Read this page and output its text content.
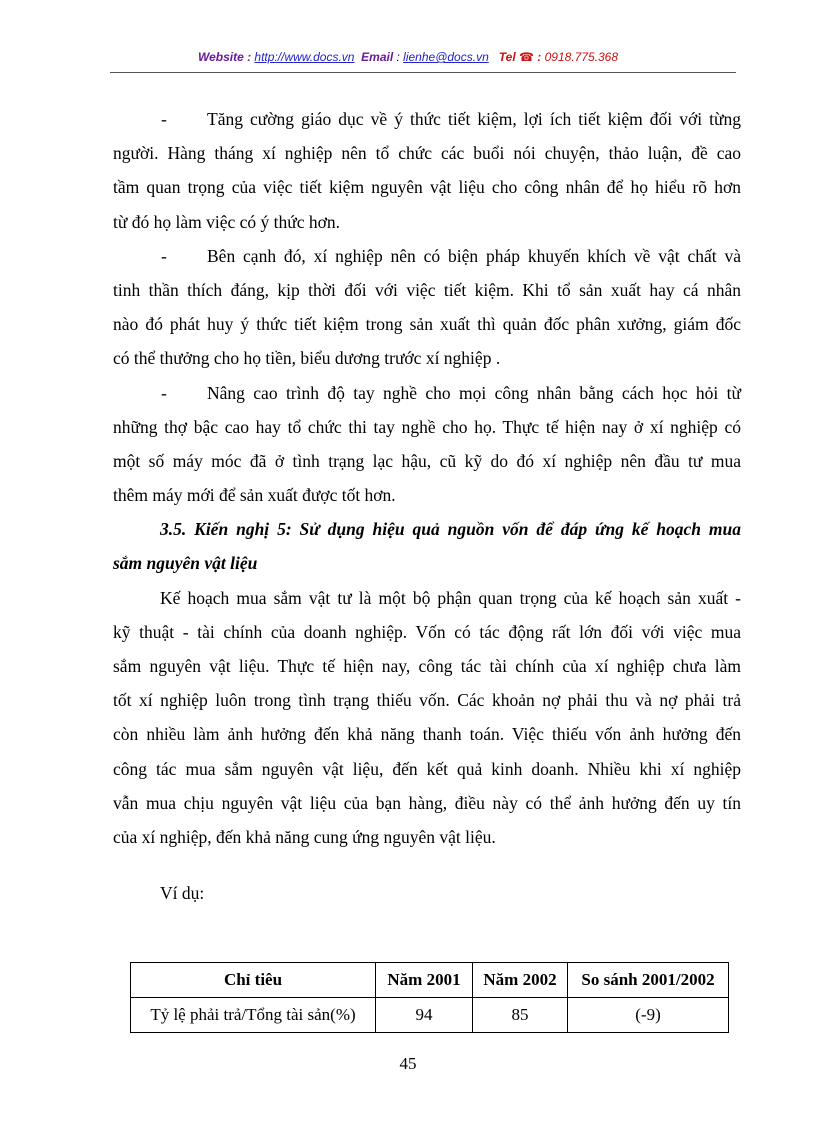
Website : http://www.docs.vn Email : lienhe@docs.vn Tel ☎ : 0918.775.368
- Tăng cường giáo dục về ý thức tiết kiệm, lợi ích tiết kiệm đối với từng
người. Hàng tháng xí nghiệp nên tổ chức các buổi nói chuyện, thảo luận, đề cao
tầm quan trọng của việc tiết kiệm nguyên vật liệu cho công nhân để họ hiểu rõ hơn
từ đó họ làm việc có ý thức hơn.
- Bên cạnh đó, xí nghiệp nên có biện pháp khuyến khích về vật chất và
tinh thần thích đáng, kịp thời đối với việc tiết kiệm. Khi tổ sản xuất hay cá nhân
nào đó phát huy ý thức tiết kiệm trong sản xuất thì quản đốc phân xưởng, giám đốc
có thể thưởng cho họ tiền, biểu dương trước xí nghiệp .
- Nâng cao trình độ tay nghề cho mọi công nhân bằng cách học hỏi từ
những thợ bậc cao hay tổ chức thi tay nghề cho họ. Thực tế hiện nay ở xí nghiệp có
một số máy móc đã ở tình trạng lạc hậu, cũ kỹ do đó xí nghiệp nên đầu tư mua
thêm máy mới để sản xuất được tốt hơn.
3.5. Kiến nghị 5: Sử dụng hiệu quả nguồn vốn để đáp ứng kế hoạch mua
sắm nguyên vật liệu
Kế hoạch mua sắm vật tư là một bộ phận quan trọng của kế hoạch sản xuất -
kỹ thuật - tài chính của doanh nghiệp. Vốn có tác động rất lớn đối với việc mua
sắm nguyên vật liệu. Thực tế hiện nay, công tác tài chính của xí nghiệp chưa làm
tốt xí nghiệp luôn trong tình trạng thiếu vốn. Các khoản nợ phải thu và nợ phải trả
còn nhiều làm ảnh hưởng đến khả năng thanh toán. Việc thiếu vốn ảnh hưởng đến
công tác mua sắm nguyên vật liệu, đến kết quả kinh doanh. Nhiều khi xí nghiệp
vẫn mua chịu nguyên vật liệu của bạn hàng, điều này có thể ảnh hưởng đến uy tín
của xí nghiệp, đến khả năng cung ứng nguyên vật liệu.
Ví dụ:
Chỉ tiêu	Năm 2001	Năm 2002	So sánh 2001/2002
Tỷ lệ phải trả/Tổng tài sản(%)	94	85	(-9)
45
